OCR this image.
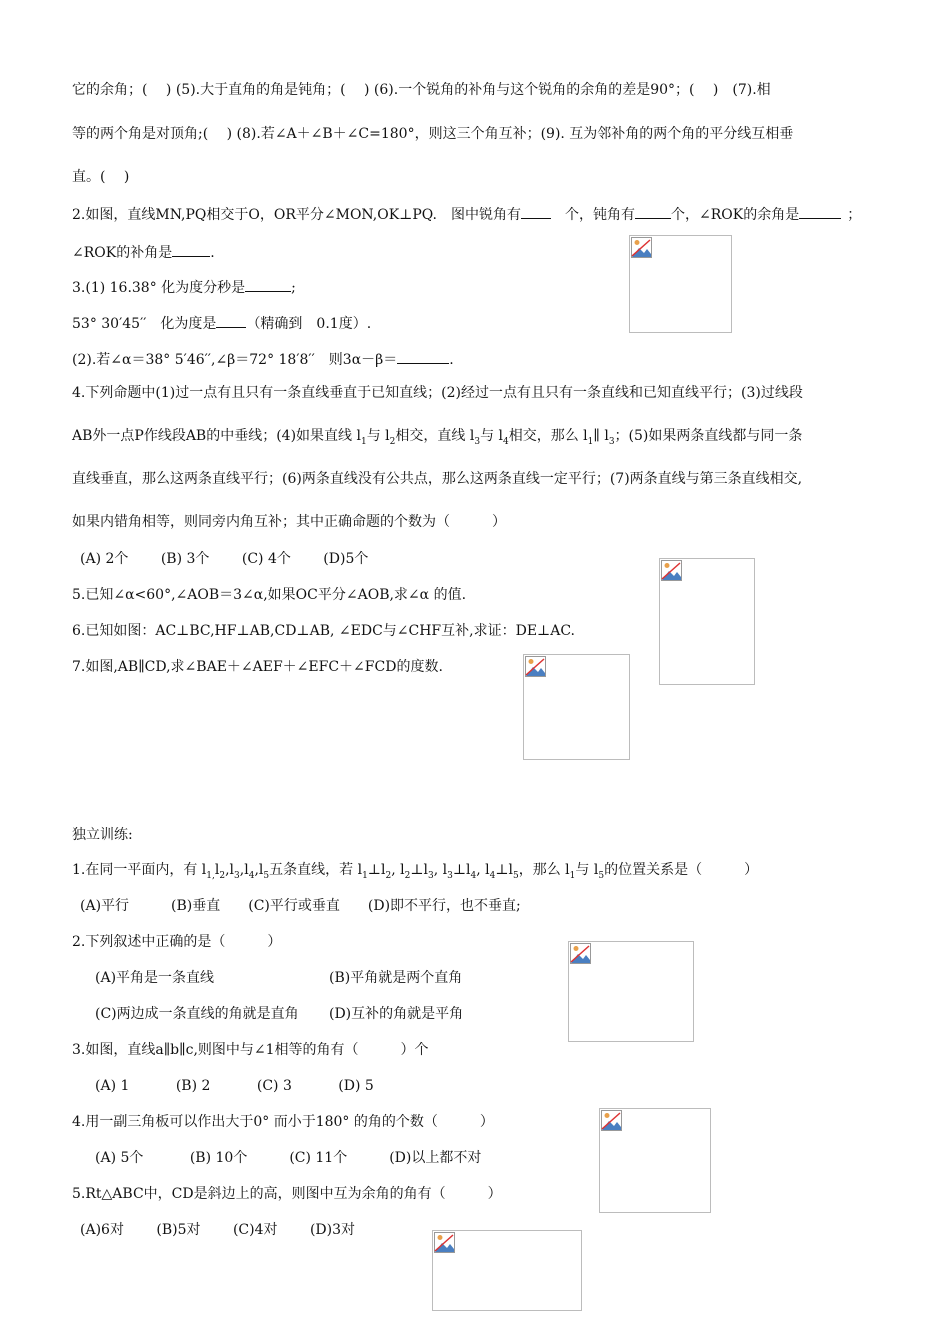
它的余角；(　 ) (5).大于直角的角是钝角；(　 ) (6).一个锐角的补角与这个锐角的余角的差是90°；(　 )　(7).相
等的两个角是对顶角;(　 ) (8).若∠A＋∠B＋∠C=180°，则这三个角互补；(9). 互为邻补角的两个角的平分线互相垂
直。(　 )
2.如图，直线MN,PQ相交于O，OR平分∠MON,OK⊥PQ.　图中锐角有	个，钝角有	个，∠ROK的余角是	；
∠ROK的补角是	.
3.(1) 16.38° 化为度分秒是	;
53° 30′45′′　化为度是 （精确到　0.1度）.
(2).若∠α＝38° 5′46′′,∠β＝72° 18′8′′　则3α－β＝	.
4.下列命题中(1)过一点有且只有一条直线垂直于已知直线；(2)经过一点有且只有一条直线和已知直线平行；(3)过线段
AB外一点P作线段AB的中垂线；(4)如果直线 $l_1$与 $l_2$相交，直线 $l_3$与 $l_4$相交，那么 $l_1\parallel$ $l_3$；(5)如果两条直线都与同一条
直线垂直，那么这两条直线平行；(6)两条直线没有公共点，那么这两条直线一定平行；(7)两条直线与第三条直线相交,
如果内错角相等，则同旁内角互补；其中正确命题的个数为（　　　）
(A) 2个　　 (B) 3个　　 (C) 4个　　 (D)5个
5.已知∠α<60°,∠AOB＝3∠α,如果OC平分∠AOB,求∠α 的值.
6.已知如图：AC⊥BC,HF⊥AB,CD⊥AB, ∠EDC与∠CHF互补,求证：DE⊥AC.
7.如图,AB∥CD,求∠BAE＋∠AEF＋∠EFC＋∠FCD的度数.
独立训练:
1.在同一平面内，有 $l_{1,}l_2,l_3,l_4,l_5$五条直线，若 $l_1\perp l_2$, $l_2\perp l_3$, $l_3\perp l_4$, $l_4\perp l_5$，那么 $l_1$与 $l_5$的位置关系是（　　　）
(A)平行　　　(B)垂直　　(C)平行或垂直　　(D)即不平行，也不垂直;
2.下列叙述中正确的是（　　　）
(A)平角是一条直线	(B)平角就是两个直角
(C)两边成一条直线的角就是直角 (D)互补的角就是平角
3.如图，直线a∥b∥c,则图中与∠1相等的角有（　　　）个
(A) 1　　　 (B) 2　　　 (C) 3　　　 (D) 5
4.用一副三角板可以作出大于0° 而小于180° 的角的个数（　　　）
(A) 5个　　　 (B) 10个　　　(C) 11个　　　(D)以上都不对
5.Rt△ABC中，CD是斜边上的高，则图中互为余角的角有（　　　）
(A)6对　　 (B)5对　　 (C)4对　　 (D)3对
